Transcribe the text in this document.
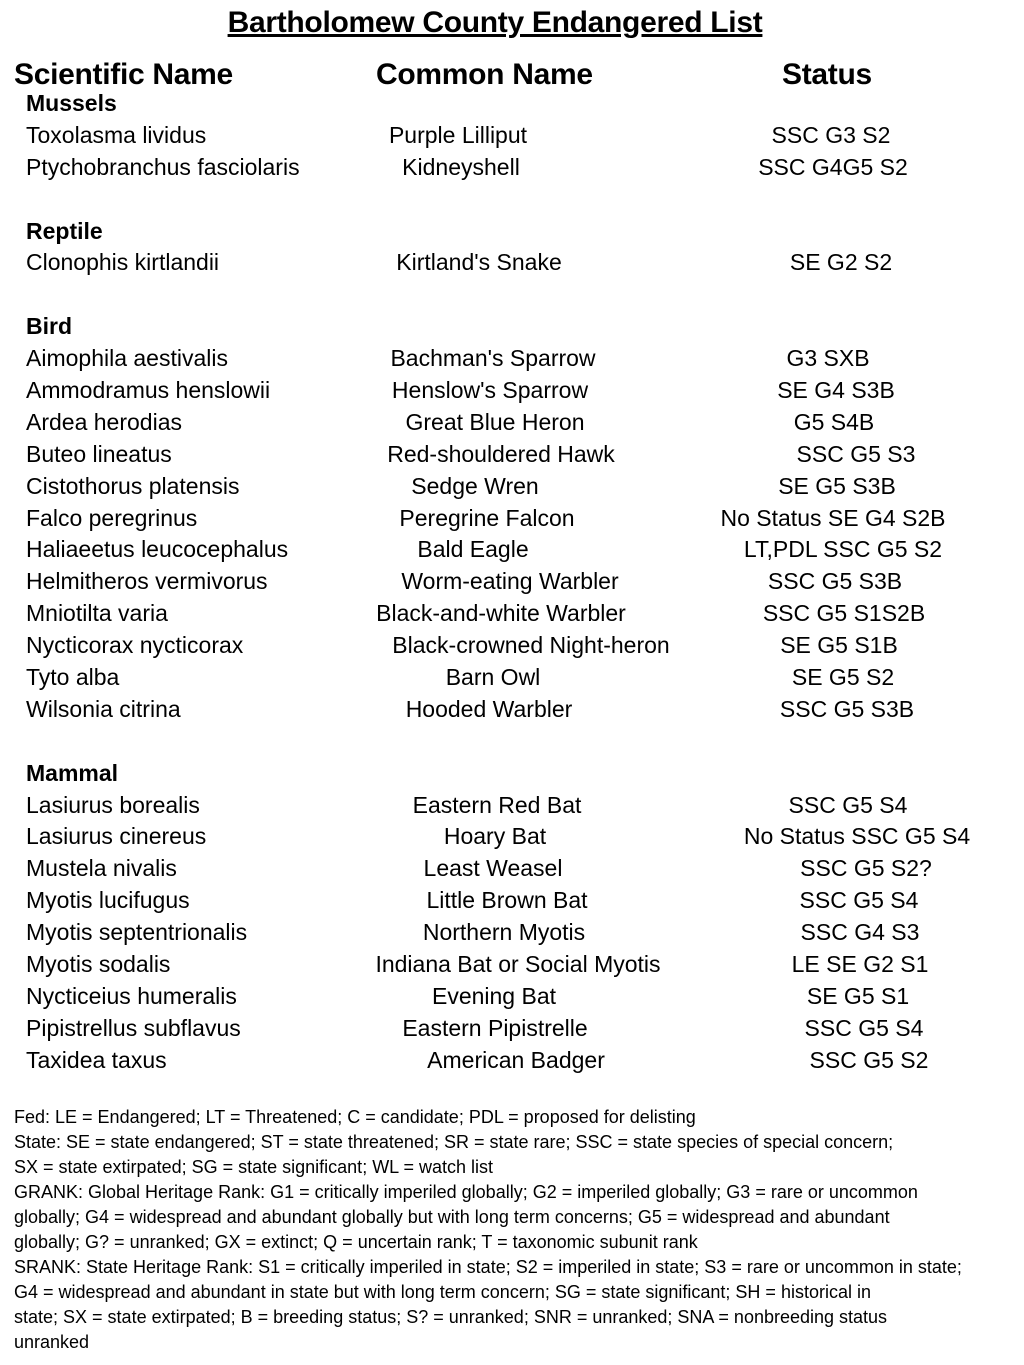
Bartholomew County Endangered List
Scientific Name	Common Name	Status
Mussels
Toxolasma lividus	Purple Lilliput	SSC G3 S2
Ptychobranchus fasciolaris	Kidneyshell	SSC G4G5 S2
Reptile
Clonophis kirtlandii	Kirtland's Snake	SE G2 S2
Bird
Aimophila aestivalis	Bachman's Sparrow	G3 SXB
Ammodramus henslowii	Henslow's Sparrow	SE G4 S3B
Ardea herodias	Great Blue Heron	G5 S4B
Buteo lineatus	Red-shouldered Hawk	SSC G5 S3
Cistothorus platensis	Sedge Wren	SE G5 S3B
Falco peregrinus	Peregrine Falcon	No Status SE G4 S2B
Haliaeetus leucocephalus	Bald Eagle	LT,PDL SSC G5 S2
Helmitheros vermivorus	Worm-eating Warbler	SSC G5 S3B
Mniotilta varia	Black-and-white Warbler	SSC G5 S1S2B
Nycticorax nycticorax	Black-crowned Night-heron	SE G5 S1B
Tyto alba	Barn Owl	SE G5 S2
Wilsonia citrina	Hooded Warbler	SSC G5 S3B
Mammal
Lasiurus borealis	Eastern Red Bat	SSC G5 S4
Lasiurus cinereus	Hoary Bat	No Status SSC G5 S4
Mustela nivalis	Least Weasel	SSC G5 S2?
Myotis lucifugus	Little Brown Bat	SSC G5 S4
Myotis septentrionalis	Northern Myotis	SSC G4 S3
Myotis sodalis	Indiana Bat or Social Myotis	LE SE G2 S1
Nycticeius humeralis	Evening Bat	SE G5 S1
Pipistrellus subflavus	Eastern Pipistrelle	SSC G5 S4
Taxidea taxus	American Badger	SSC G5 S2
Fed: LE = Endangered; LT = Threatened; C = candidate; PDL = proposed for delisting
State: SE = state endangered; ST = state threatened; SR = state rare; SSC = state species of special concern;
SX = state extirpated; SG = state significant; WL = watch list
GRANK: Global Heritage Rank: G1 = critically imperiled globally; G2 = imperiled globally; G3 = rare or uncommon
globally; G4 = widespread and abundant globally but with long term concerns; G5 = widespread and abundant
globally; G? = unranked; GX = extinct; Q = uncertain rank; T = taxonomic subunit rank
SRANK: State Heritage Rank: S1 = critically imperiled in state; S2 = imperiled in state; S3 = rare or uncommon in state;
G4 = widespread and abundant in state but with long term concern; SG = state significant; SH = historical in
state; SX = state extirpated; B = breeding status; S? = unranked; SNR = unranked; SNA = nonbreeding status
unranked
